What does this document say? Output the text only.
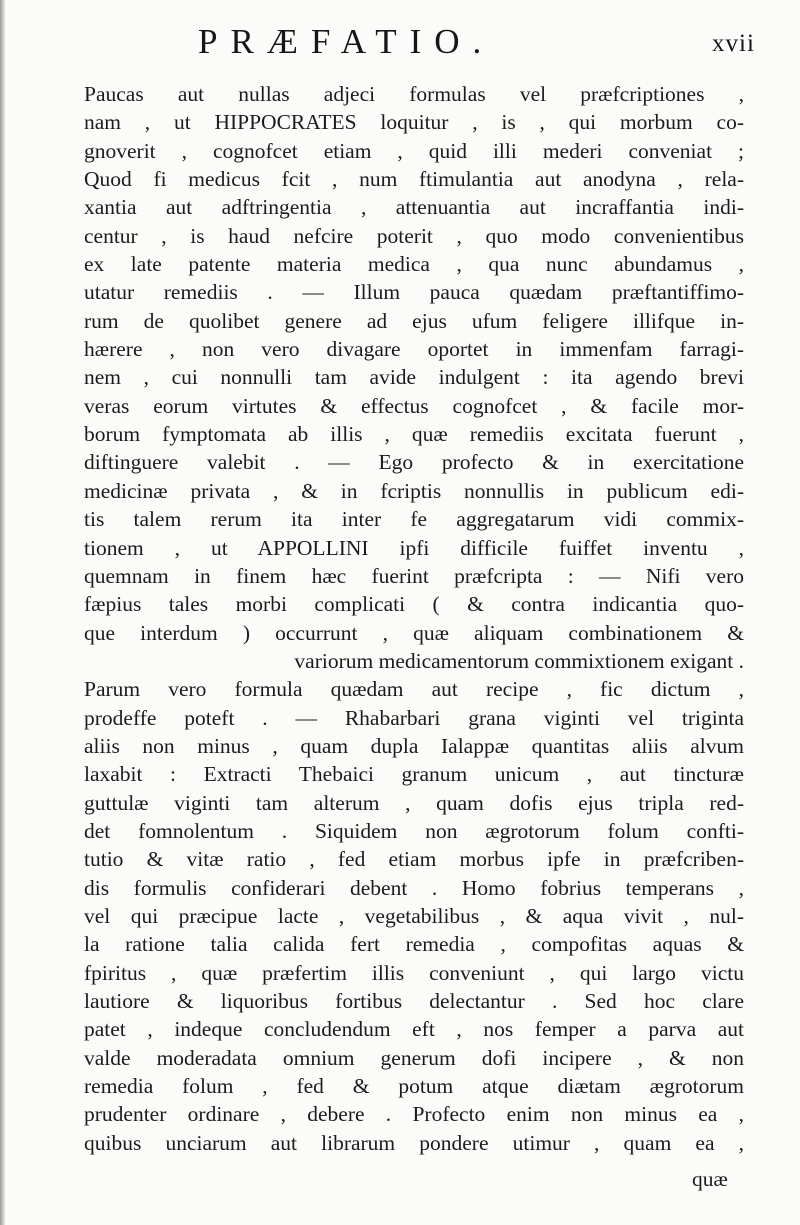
PRÆFATIO.	xvii
Paucas aut nullas adjeci formulas vel præfcriptiones ,
nam , ut HIPPOCRATES loquitur , is , qui morbum co-
gnoverit , cognofcet etiam , quid illi mederi conveniat ;
Quod fi medicus fcit , num ftimulantia aut anodyna , rela-
xantia aut adftringentia , attenuantia aut incraffantia indi-
centur , is haud nefcire poterit , quo modo convenientibus
ex late patente materia medica , qua nunc abundamus ,
utatur remediis . — Illum pauca quædam præftantiffimo-
rum de quolibet genere ad ejus ufum feligere illifque in-
hærere , non vero divagare oportet in immenfam farragi-
nem , cui nonnulli tam avide indulgent : ita agendo brevi
veras eorum virtutes & effectus cognofcet , & facile mor-
borum fymptomata ab illis , quæ remediis excitata fuerunt ,
diftinguere valebit . — Ego profecto & in exercitatione
medicinæ privata , & in fcriptis nonnullis in publicum edi-
tis talem rerum ita inter fe aggregatarum vidi commix-
tionem , ut APPOLLINI ipfi difficile fuiffet inventu ,
quemnam in finem hæc fuerint præfcripta : — Nifi vero
fæpius tales morbi complicati ( & contra indicantia quo-
que interdum ) occurrunt , quæ aliquam combinationem &
variorum medicamentorum commixtionem exigant .
Parum vero formula quædam aut recipe , fic dictum ,
prodeffe poteft . — Rhabarbari grana viginti vel triginta
aliis non minus , quam dupla Ialappæ quantitas aliis alvum
laxabit : Extracti Thebaici granum unicum , aut tincturæ
guttulæ viginti tam alterum , quam dofis ejus tripla red-
det fomnolentum . Siquidem non ægrotorum folum confti-
tutio & vitæ ratio , fed etiam morbus ipfe in præfcriben-
dis formulis confiderari debent . Homo fobrius temperans ,
vel qui præcipue lacte , vegetabilibus , & aqua vivit , nul-
la ratione talia calida fert remedia , compofitas aquas &
fpiritus , quæ præfertim illis conveniunt , qui largo victu
lautiore & liquoribus fortibus delectantur . Sed hoc clare
patet , indeque concludendum eft , nos femper a parva aut
valde moderadata omnium generum dofi incipere , & non
remedia folum , fed & potum atque diætam ægrotorum
prudenter ordinare , debere . Profecto enim non minus ea ,
quibus unciarum aut librarum pondere utimur , quam ea ,
quæ
